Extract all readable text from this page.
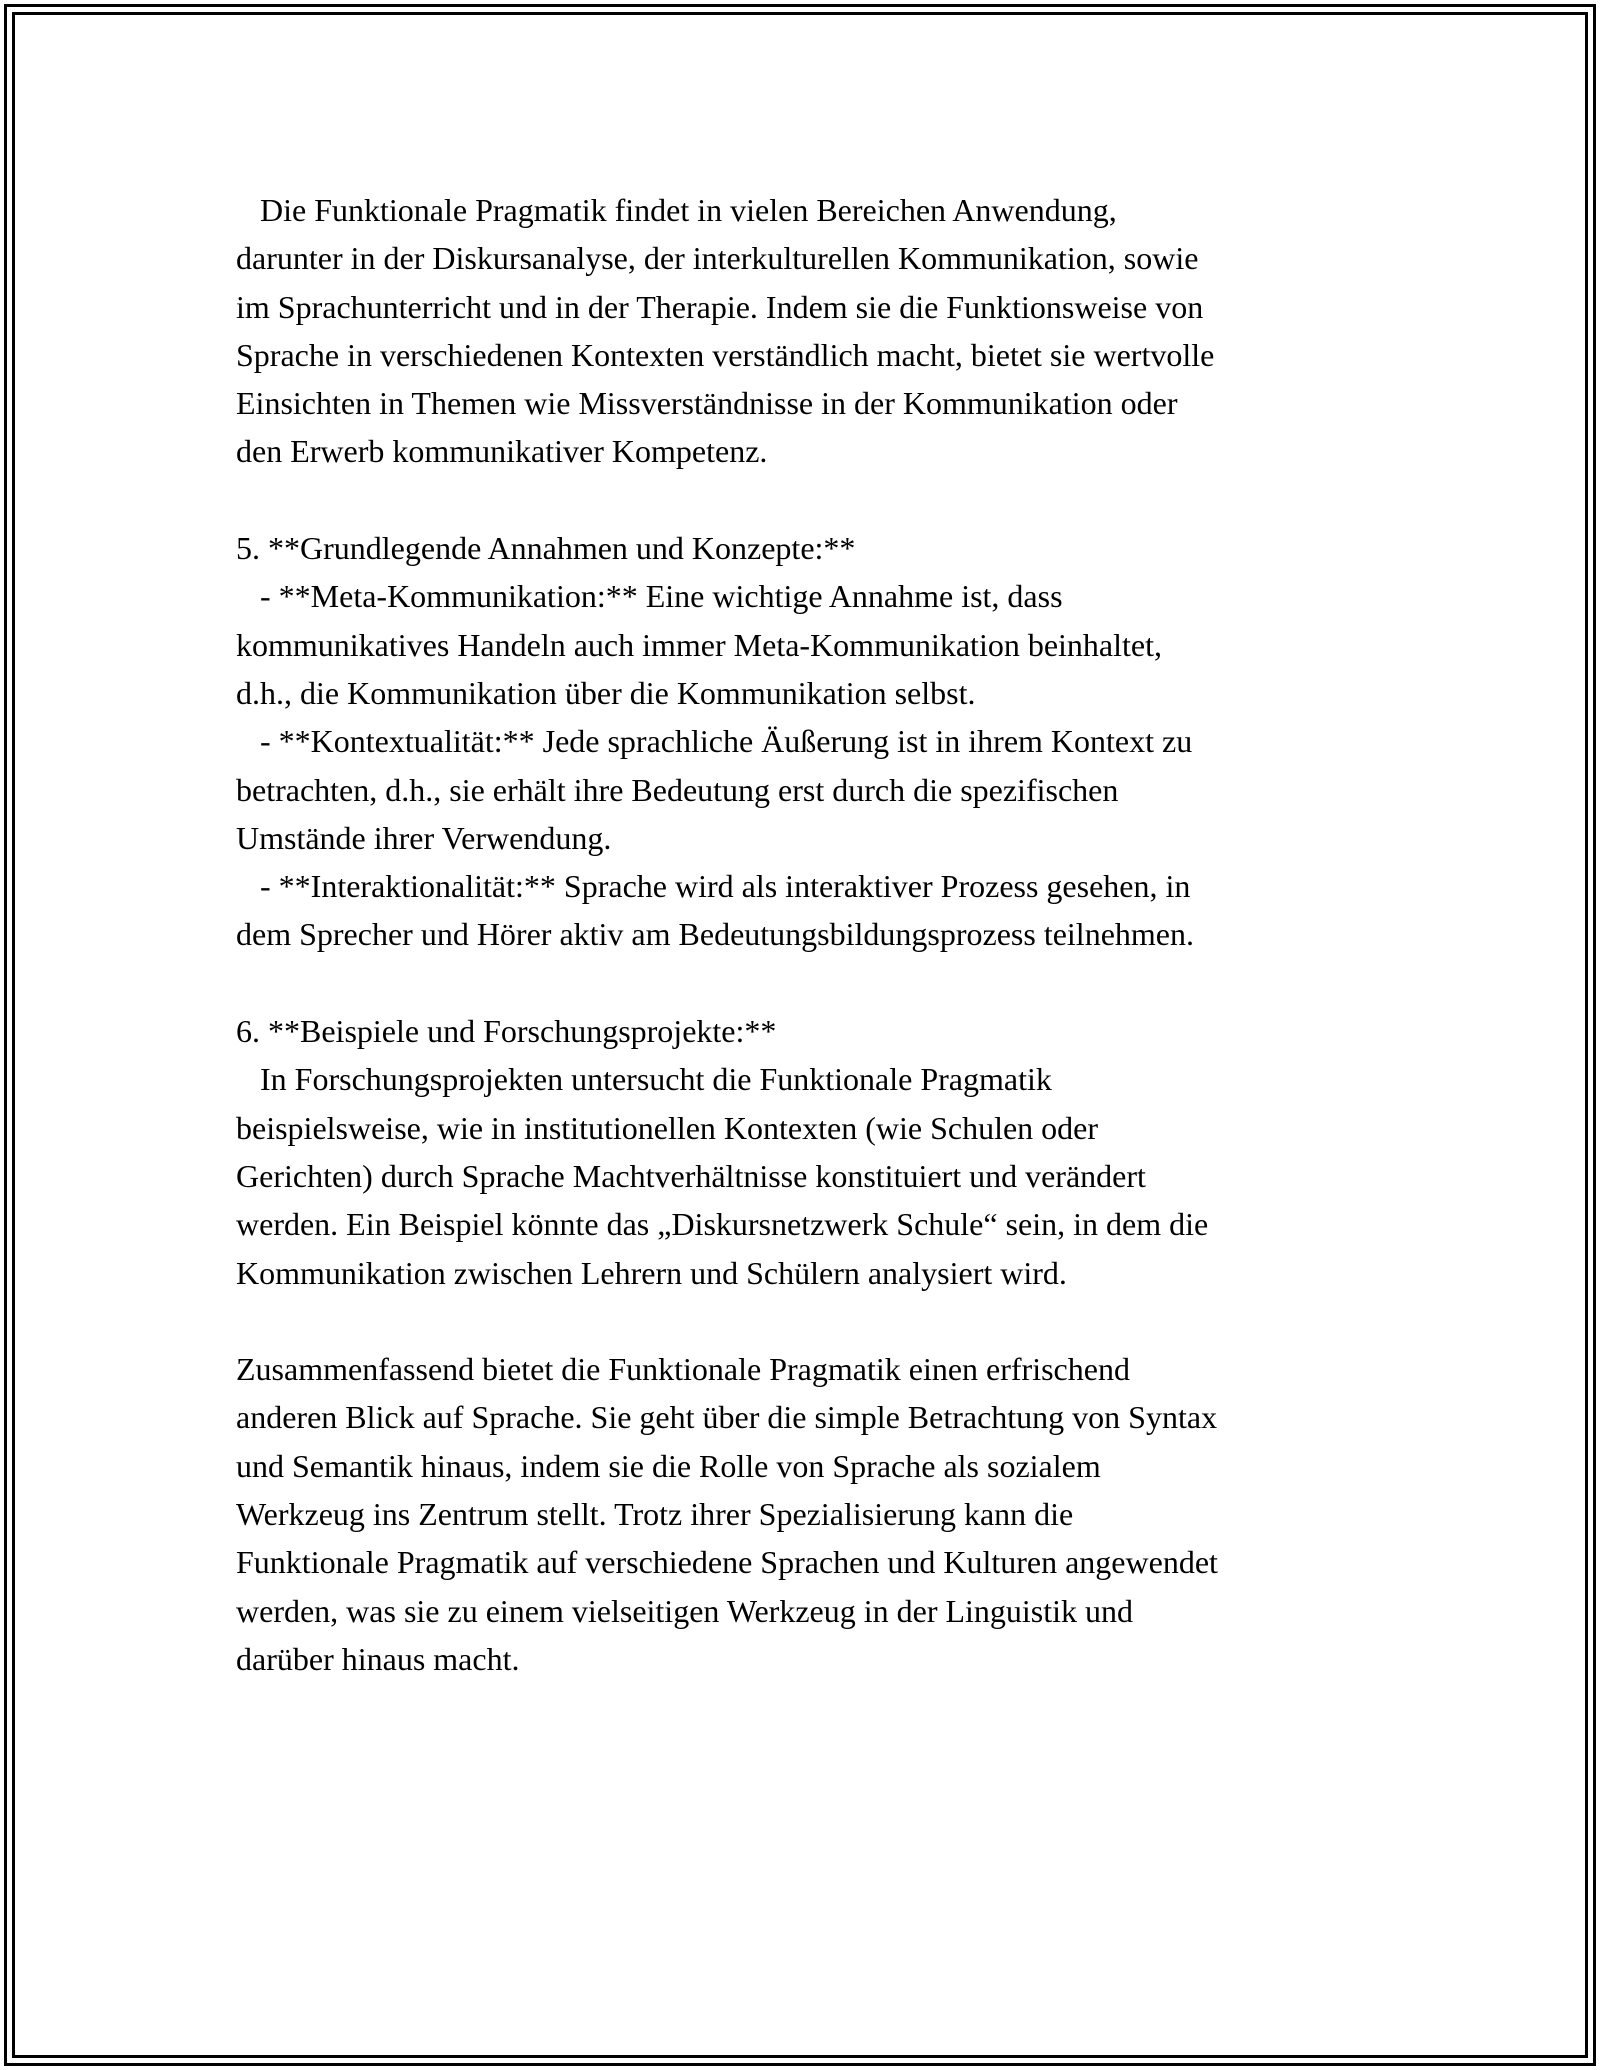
Die Funktionale Pragmatik findet in vielen Bereichen Anwendung,
darunter in der Diskursanalyse, der interkulturellen Kommunikation, sowie
im Sprachunterricht und in der Therapie. Indem sie die Funktionsweise von
Sprache in verschiedenen Kontexten verständlich macht, bietet sie wertvolle
Einsichten in Themen wie Missverständnisse in der Kommunikation oder
den Erwerb kommunikativer Kompetenz.
5. **Grundlegende Annahmen und Konzepte:**
- **Meta-Kommunikation:** Eine wichtige Annahme ist, dass
kommunikatives Handeln auch immer Meta-Kommunikation beinhaltet,
d.h., die Kommunikation über die Kommunikation selbst.
- **Kontextualität:** Jede sprachliche Äußerung ist in ihrem Kontext zu
betrachten, d.h., sie erhält ihre Bedeutung erst durch die spezifischen
Umstände ihrer Verwendung.
- **Interaktionalität:** Sprache wird als interaktiver Prozess gesehen, in
dem Sprecher und Hörer aktiv am Bedeutungsbildungsprozess teilnehmen.
6. **Beispiele und Forschungsprojekte:**
In Forschungsprojekten untersucht die Funktionale Pragmatik
beispielsweise, wie in institutionellen Kontexten (wie Schulen oder
Gerichten) durch Sprache Machtverhältnisse konstituiert und verändert
werden. Ein Beispiel könnte das „Diskursnetzwerk Schule“ sein, in dem die
Kommunikation zwischen Lehrern und Schülern analysiert wird.
Zusammenfassend bietet die Funktionale Pragmatik einen erfrischend
anderen Blick auf Sprache. Sie geht über die simple Betrachtung von Syntax
und Semantik hinaus, indem sie die Rolle von Sprache als sozialem
Werkzeug ins Zentrum stellt. Trotz ihrer Spezialisierung kann die
Funktionale Pragmatik auf verschiedene Sprachen und Kulturen angewendet
werden, was sie zu einem vielseitigen Werkzeug in der Linguistik und
darüber hinaus macht.
